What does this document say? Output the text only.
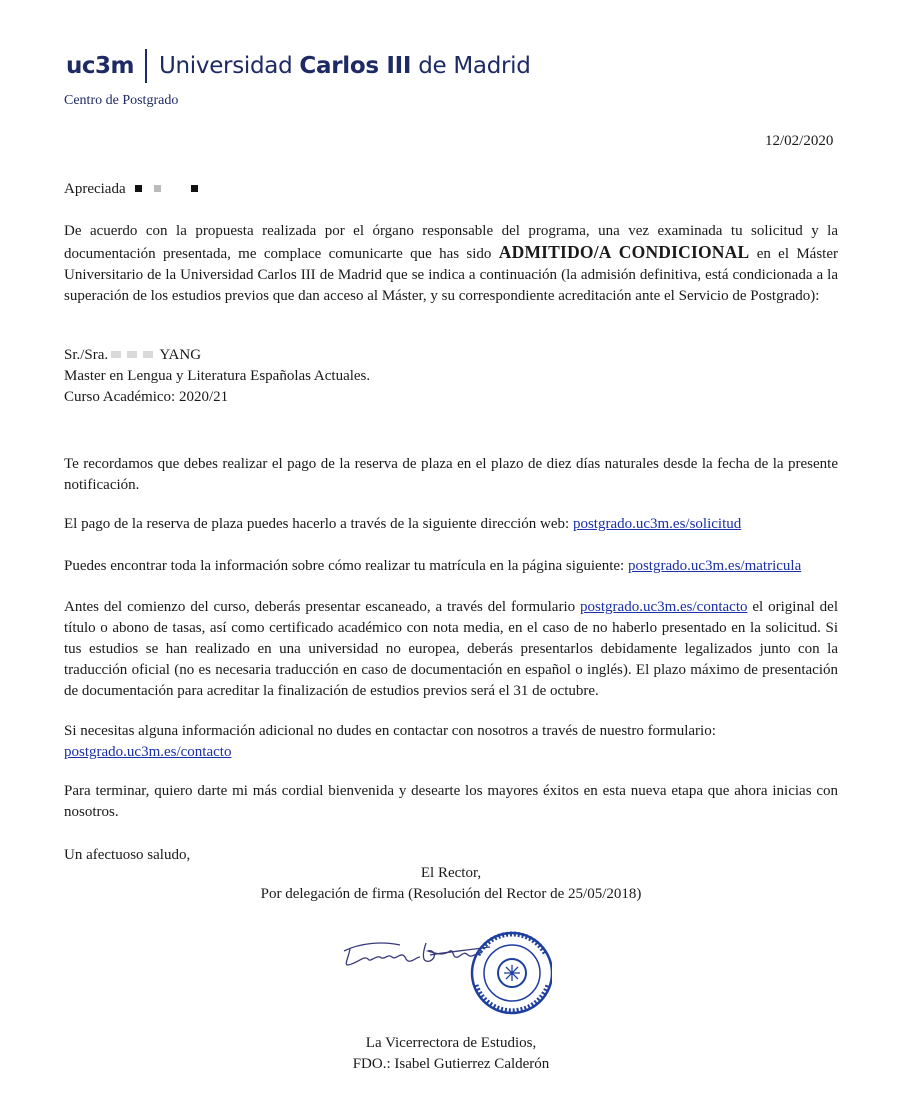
uc3m Universidad Carlos III de Madrid
Centro de Postgrado
12/02/2020
Apreciada
De acuerdo con la propuesta realizada por el órgano responsable del programa, una vez examinada tu solicitud y la documentación presentada, me complace comunicarte que has sido ADMITIDO/A CONDICIONAL en el Máster Universitario de la Universidad Carlos III de Madrid que se indica a continuación (la admisión definitiva, está condicionada a la superación de los estudios previos que dan acceso al Máster, y su correspondiente acreditación ante el Servicio de Postgrado):
Sr./Sra.	YANG
Master en Lengua y Literatura Españolas Actuales.
Curso Académico: 2020/21
Te recordamos que debes realizar el pago de la reserva de plaza en el plazo de diez días naturales desde la fecha de la presente notificación.
El pago de la reserva de plaza puedes hacerlo a través de la siguiente dirección web: postgrado.uc3m.es/solicitud
Puedes encontrar toda la información sobre cómo realizar tu matrícula en la página siguiente: postgrado.uc3m.es/matricula
Antes del comienzo del curso, deberás presentar escaneado, a través del formulario postgrado.uc3m.es/contacto el original del título o abono de tasas, así como certificado académico con nota media, en el caso de no haberlo presentado en la solicitud. Si tus estudios se han realizado en una universidad no europea, deberás presentarlos debidamente legalizados junto con la traducción oficial (no es necesaria traducción en caso de documentación en español o inglés). El plazo máximo de presentación de documentación para acreditar la finalización de estudios previos será el 31 de octubre.
Si necesitas alguna información adicional no dudes en contactar con nosotros a través de nuestro formulario:
postgrado.uc3m.es/contacto
Para terminar, quiero darte mi más cordial bienvenida y desearte los mayores éxitos en esta nueva etapa que ahora inicias con nosotros.
Un afectuoso saludo,
El Rector,
Por delegación de firma (Resolución del Rector de 25/05/2018)
La Vicerrectora de Estudios,
FDO.: Isabel Gutierrez Calderón
